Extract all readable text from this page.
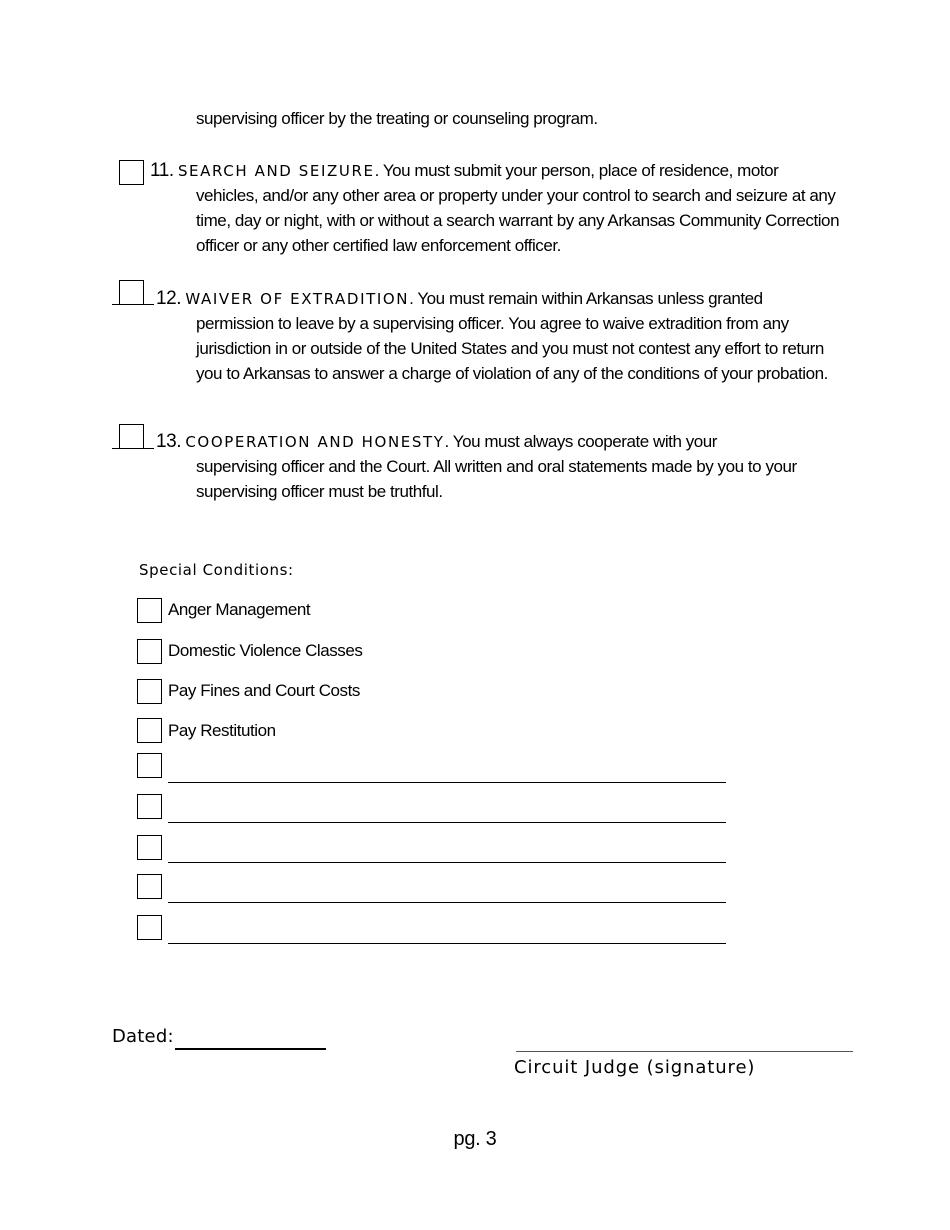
supervising officer by the treating or counseling program.
11. SEARCH AND SEIZURE. You must submit your person, place of residence, motor
vehicles, and/or any other area or property under your control to search and seizure at any time, day or night, with or without a search warrant by any Arkansas Community Correction officer or any other certified law enforcement officer.
12. WAIVER OF EXTRADITION. You must remain within Arkansas unless granted
permission to leave by a supervising officer. You agree to waive extradition from any jurisdiction in or outside of the United States and you must not contest any effort to return you to Arkansas to answer a charge of violation of any of the conditions of your probation.
13. COOPERATION AND HONESTY. You must always cooperate with your
supervising officer and the Court. All written and oral statements made by you to your supervising officer must be truthful.
Special Conditions:
Anger Management
Domestic Violence Classes
Pay Fines and Court Costs
Pay Restitution
Dated:
Circuit Judge (signature)
pg. 3
